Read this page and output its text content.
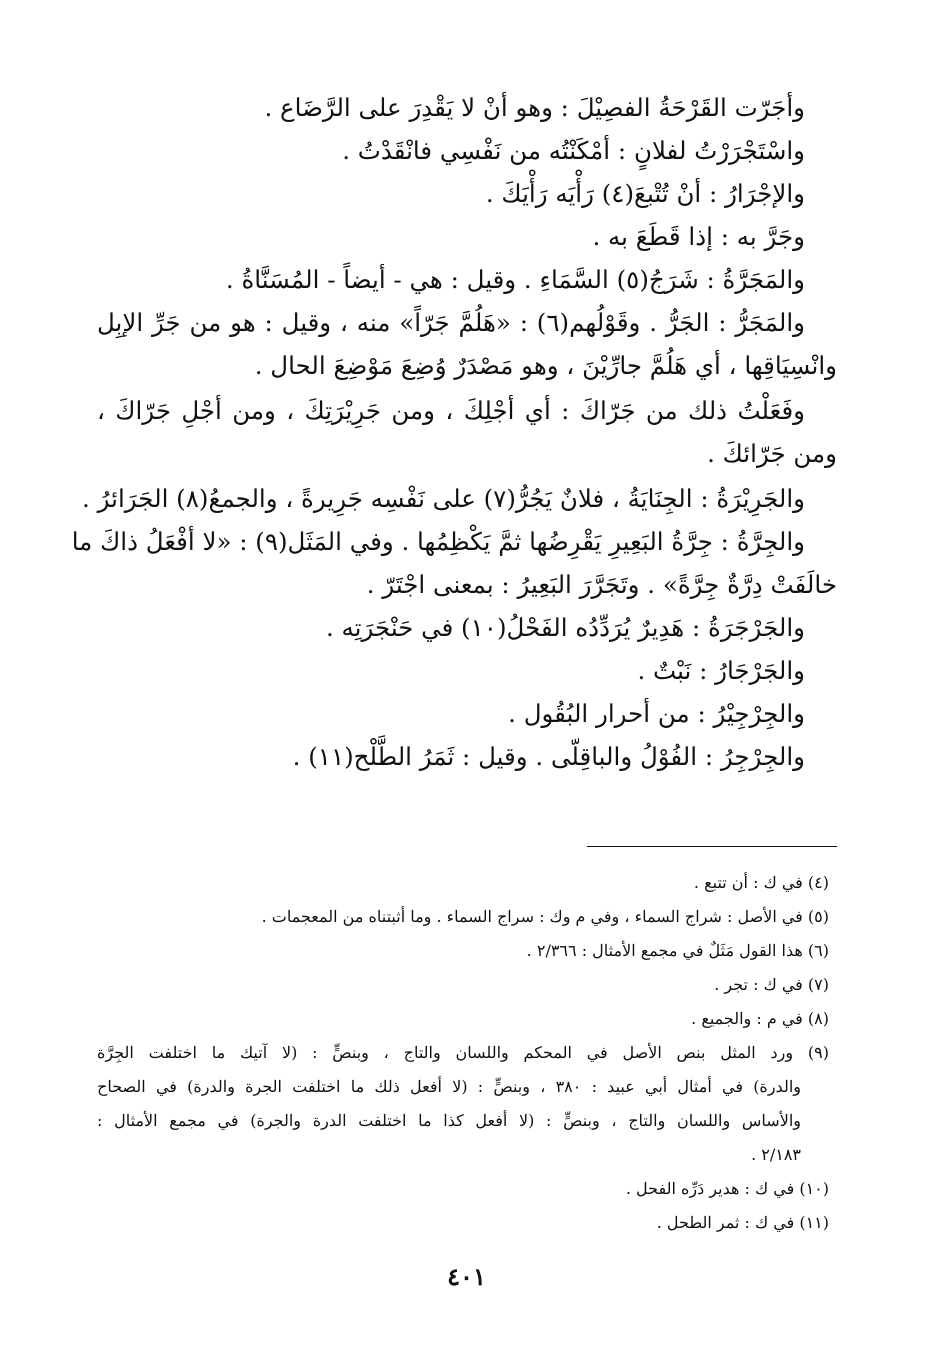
وأجَرّت القَرْحَةُ الفصِيْلَ : وهو أنْ لا يَقْدِرَ على الرَّضَاع .
واسْتَجْرَرْتُ لفلانٍ : أمْكَنْتُه من نَفْسِي فانْقَدْتُ .
والإجْرَارُ : أنْ تُتْبعَ(٤) رَأْيَه رَأْيَكَ .
وجَرَّ به : إذا قَطَعَ به .
والمَجَرَّةُ : شَرَجُ(٥) السَّمَاءِ . وقيل : هي - أيضاً - المُسَنَّاةُ .
والمَجَرُّ : الجَرُّ . وقَوْلُهم(٦) : «هَلُمَّ جَرّاً» منه ، وقيل : هو من جَرِّ الإبِل
وانْسِيَاقِها ، أي هَلُمَّ جارِّيْنَ ، وهو مَصْدَرٌ وُضِعَ مَوْضِعَ الحال .
وفَعَلْتُ ذلك من جَرّاكَ : أي أجْلِكَ ، ومن جَرِيْرَتِكَ ، ومن أجْلِ جَرّاكَ ،
ومن جَرّائكَ .
والجَرِيْرَةُ : الجِنَايَةُ ، فلانٌ يَجُرُّ(٧) على نَفْسِه جَرِيرةً ، والجمعُ(٨) الجَرَائرُ .
والجِرَّةُ : جِرَّةُ البَعِيرِ يَقْرِضُها ثمَّ يَكْظِمُها . وفي المَثَل(٩) : «لا أفْعَلُ ذاكَ ما
خالَفَتْ دِرَّةٌ جِرَّةً» . وتَجَرَّرَ البَعِيرُ : بمعنى اجْتَرّ .
والجَرْجَرَةُ : هَدِيرٌ يُرَدِّدُه الفَحْلُ(١٠) في حَنْجَرَتِه .
والجَرْجَارُ : نَبْتٌ .
والجِرْجِيْرُ : من أحرار البُقُول .
والجِرْجِرُ : الفُوْلُ والباقِلّى . وقيل : ثَمَرُ الطَّلْح(١١) .
(٤) في ك : أن تتبع .
(٥) في الأصل : شراج السماء ، وفي م وك : سراج السماء . وما أثبتناه من المعجمات .
(٦) هذا القول مَثَلٌ في مجمع الأمثال : ٢/٣٦٦ .
(٧) في ك : تجر .
(٨) في م : والجميع .
(٩) ورد المثل بنص الأصل في المحكم واللسان والتاج ، وبنصٍّ : (لا آتيك ما اختلفت الجِرَّة
والدرة) في أمثال أبي عبيد : ٣٨٠ ، وبنصٍّ : (لا أفعل ذلك ما اختلفت الجرة والدرة) في الصحاح
والأساس واللسان والتاج ، وبنصٍّ : (لا أفعل كذا ما اختلفت الدرة والجرة) في مجمع الأمثال :
٢/١٨٣ .
(١٠) في ك : هدير دَرِّه الفحل .
(١١) في ك : ثمر الطحل .
٤٠١
